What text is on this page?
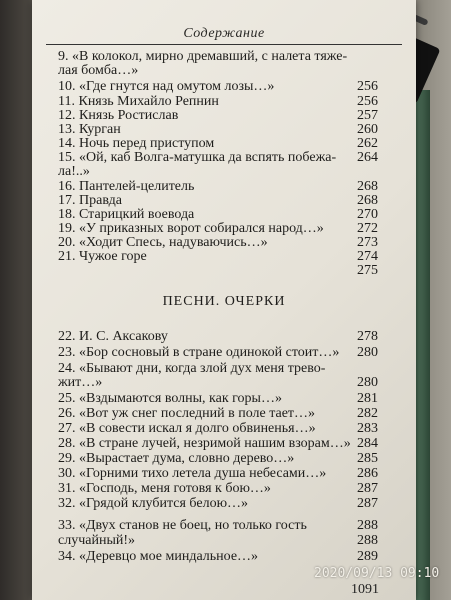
Содержание
9. «В колокол, мирно дремавший, с налета тяже-
лая бомба…»
10. «Где гнутся над омутом лозы…»	256
11. Князь Михайло Репнин	256
12. Князь Ростислав	257
13. Курган	260
14. Ночь перед приступом	262
15. «Ой, каб Волга-матушка да вспять побежа- 264
ла!..»
16. Пантелей-целитель	268
17. Правда	268
18. Старицкий воевода	270
19. «У приказных ворот собирался народ…» 272
20. «Ходит Спесь, надуваючись…»	273
21. Чужое горе	274
275
ПЕСНИ. ОЧЕРКИ
22. И. С. Аксакову	278
23. «Бор сосновый в стране одинокой стоит…» 280
24. «Бывают дни, когда злой дух меня трево-
жит…»	280
25. «Вздымаются волны, как горы…»	281
26. «Вот уж снег последний в поле тает…»	282
27. «В совести искал я долго обвиненья…»	283
28. «В стране лучей, незримой нашим взорам…» 284
29. «Вырастает дума, словно дерево…»	285
30. «Горними тихо летела душа небесами…» 286
31. «Господь, меня готовя к бою…»	287
32. «Грядой клубится белою…»	287
33. «Двух станов не боец, но только гость	288
случайный!»	288
34. «Деревцо мое миндальное…»	289
1091
2020/09/13 09:10
